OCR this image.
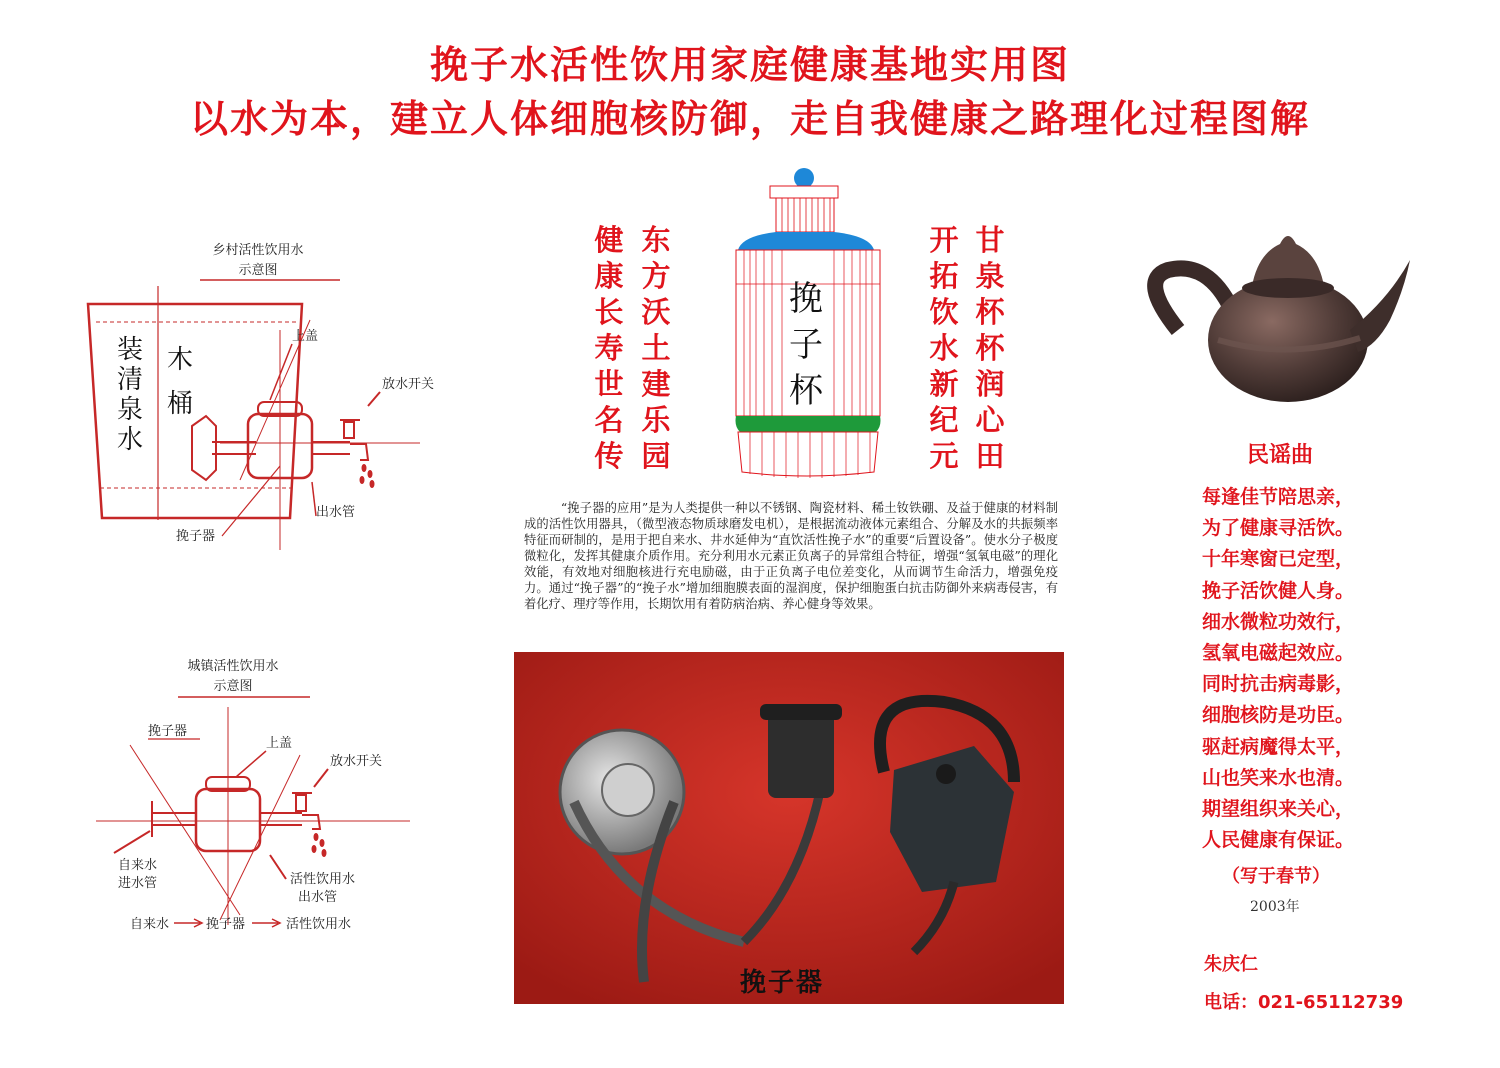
挽子水活性饮用家庭健康基地实用图
以水为本，建立人体细胞核防御，走自我健康之路理化过程图解
乡村活性饮用水
示意图
装
清
泉
水
木
桶
上盖
放水开关
出水管
挽子器
城镇活性饮用水
示意图
挽子器
上盖
放水开关
自来水
进水管	活性饮用水
出水管
自来水	挽子器	活性饮用水
健
康
长
寿
世
名
传
东
方
沃
土
建
乐
园
挽
子
杯
开
拓
饮
水
新
纪
元
甘
泉
杯
杯
润
心
田
“挽子器的应用”是为人类提供一种以不锈钢、陶瓷材料、稀土钕铁硼、及益于健康的材料制成的活性饮用器具，（微型液态物质球磨发电机），是根据流动液体元素组合、分解及水的共振频率特征而研制的，是用于把自来水、井水延伸为“直饮活性挽子水”的重要“后置设备”。使水分子极度微粒化，发挥其健康介质作用。充分利用水元素正负离子的异常组合特征，增强“氢氧电磁”的理化效能，有效地对细胞核进行充电励磁，由于正负离子电位差变化，从而调节生命活力，增强免疫力。通过“挽子器”的“挽子水”增加细胞膜表面的湿润度，保护细胞蛋白抗击防御外来病毒侵害，有着化疗、理疗等作用，长期饮用有着防病治病、养心健身等效果。
挽子器
民谣曲
每逢佳节陪思亲，
为了健康寻活饮。
十年寒窗已定型，
挽子活饮健人身。
细水微粒功效行，
氢氧电磁起效应。
同时抗击病毒影，
细胞核防是功臣。
驱赶病魔得太平，
山也笑来水也清。
期望组织来关心，
人民健康有保证。
（写于春节）
2003年
朱庆仁
电话：021-65112739
